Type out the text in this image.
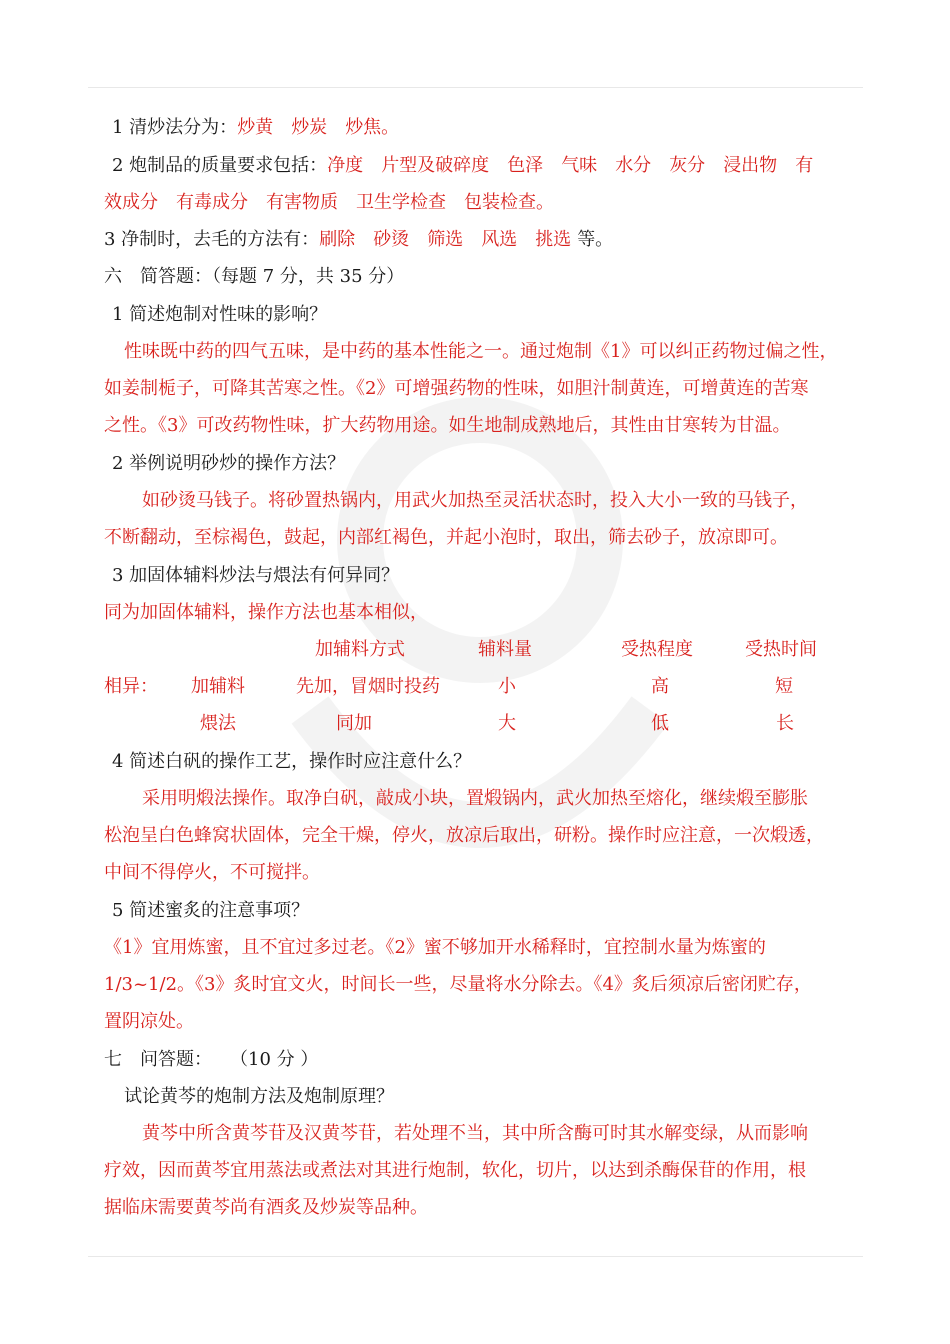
1 清炒法分为：炒黄 炒炭 炒焦。
2 炮制品的质量要求包括：净度 片型及破碎度 色泽 气味 水分 灰分 浸出物 有
效成分 有毒成分 有害物质 卫生学检查 包装检查。
3 净制时，去毛的方法有：刷除 砂烫 筛选 风选 挑选 等。
六　简答题：（每题 7 分，共 35 分）
1 简述炮制对性味的影响？
性味既中药的四气五味，是中药的基本性能之一。通过炮制《1》可以纠正药物过偏之性，
如姜制栀子，可降其苦寒之性。《2》可增强药物的性味，如胆汁制黄连，可增黄连的苦寒
之性。《3》可改药物性味，扩大药物用途。如生地制成熟地后，其性由甘寒转为甘温。
2 举例说明砂炒的操作方法？
如砂烫马钱子。将砂置热锅内，用武火加热至灵活状态时，投入大小一致的马钱子，
不断翻动，至棕褐色，鼓起，内部红褐色，并起小泡时，取出，筛去砂子，放凉即可。
3 加固体辅料炒法与煨法有何异同？
同为加固体辅料，操作方法也基本相似，
加辅料方式	辅料量	受热程度	受热时间
相异： 加辅料	先加，冒烟时投药	小	高	短
煨法	同加	大	低	长
4 简述白矾的操作工艺，操作时应注意什么？
采用明煅法操作。取净白矾，敲成小块，置煅锅内，武火加热至熔化，继续煅至膨胀
松泡呈白色蜂窝状固体，完全干燥，停火，放凉后取出，研粉。操作时应注意，一次煅透，
中间不得停火，不可搅拌。
5 简述蜜炙的注意事项？
《1》宜用炼蜜，且不宜过多过老。《2》蜜不够加开水稀释时，宜控制水量为炼蜜的
1/3~1/2。《3》炙时宜文火，时间长一些，尽量将水分除去。《4》炙后须凉后密闭贮存，
置阴凉处。
七　问答题：　　（10 分 ）
试论黄芩的炮制方法及炮制原理？
黄芩中所含黄芩苷及汉黄芩苷，若处理不当，其中所含酶可时其水解变绿，从而影响
疗效，因而黄芩宜用蒸法或煮法对其进行炮制，软化，切片，以达到杀酶保苷的作用，根
据临床需要黄芩尚有酒炙及炒炭等品种。
